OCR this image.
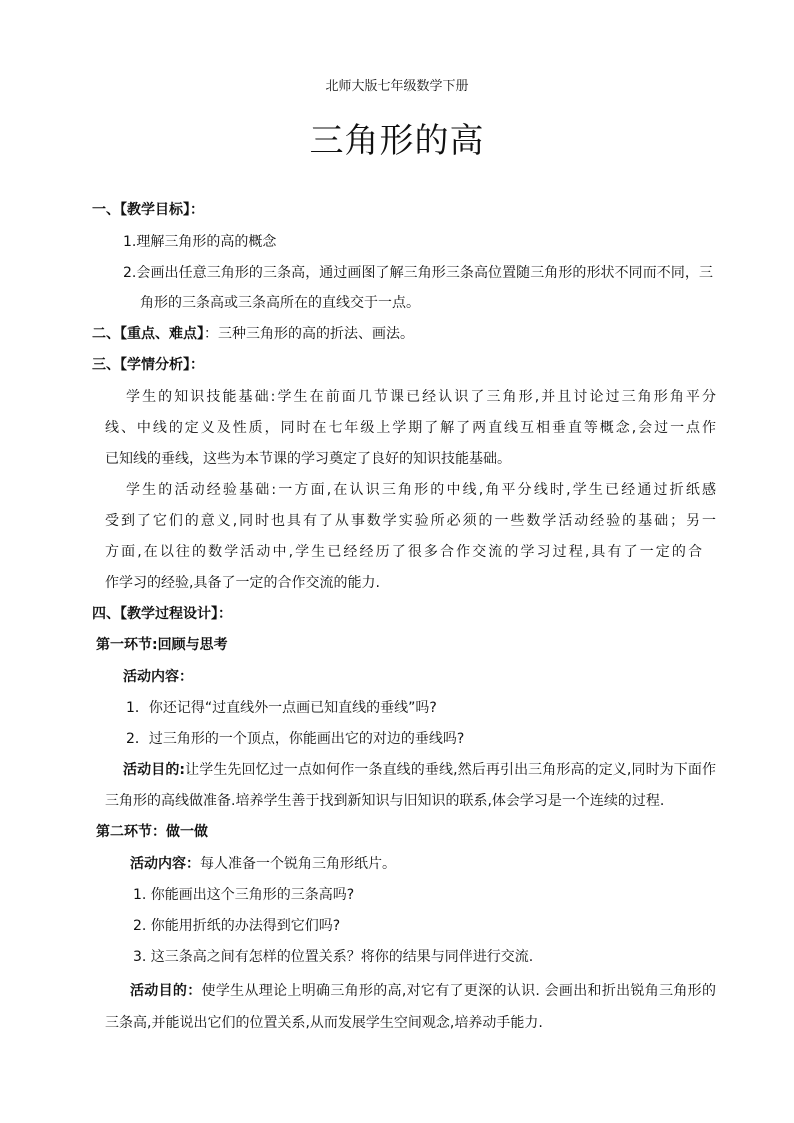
北师大版七年级数学下册
三角形的高
一、【教学目标】：
1.理解三角形的高的概念
2.会画出任意三角形的三条高，通过画图了解三角形三条高位置随三角形的形状不同而不同，三
角形的三条高或三条高所在的直线交于一点。
二、【重点、难点】：三种三角形的高的折法、画法。
三、【学情分析】：
学生的知识技能基础:学生在前面几节课已经认识了三角形,并且讨论过三角形角平分
线、中线的定义及性质，同时在七年级上学期了解了两直线互相垂直等概念,会过一点作
已知线的垂线，这些为本节课的学习奠定了良好的知识技能基础。
学生的活动经验基础:一方面,在认识三角形的中线,角平分线时,学生已经通过折纸感
受到了它们的意义,同时也具有了从事数学实验所必须的一些数学活动经验的基础；另一
方面,在以往的数学活动中,学生已经经历了很多合作交流的学习过程,具有了一定的合
作学习的经验,具备了一定的合作交流的能力.
四、【教学过程设计】：
第一环节:回顾与思考
活动内容：
1．你还记得“过直线外一点画已知直线的垂线”吗?
2．过三角形的一个顶点，你能画出它的对边的垂线吗?
活动目的:让学生先回忆过一点如何作一条直线的垂线,然后再引出三角形高的定义,同时为下面作
三角形的高线做准备.培养学生善于找到新知识与旧知识的联系,体会学习是一个连续的过程.
第二环节：做一做
活动内容：每人准备一个锐角三角形纸片。
1. 你能画出这个三角形的三条高吗?
2. 你能用折纸的办法得到它们吗?
3. 这三条高之间有怎样的位置关系？将你的结果与同伴进行交流.
活动目的：使学生从理论上明确三角形的高,对它有了更深的认识. 会画出和折出锐角三角形的
三条高,并能说出它们的位置关系,从而发展学生空间观念,培养动手能力.
